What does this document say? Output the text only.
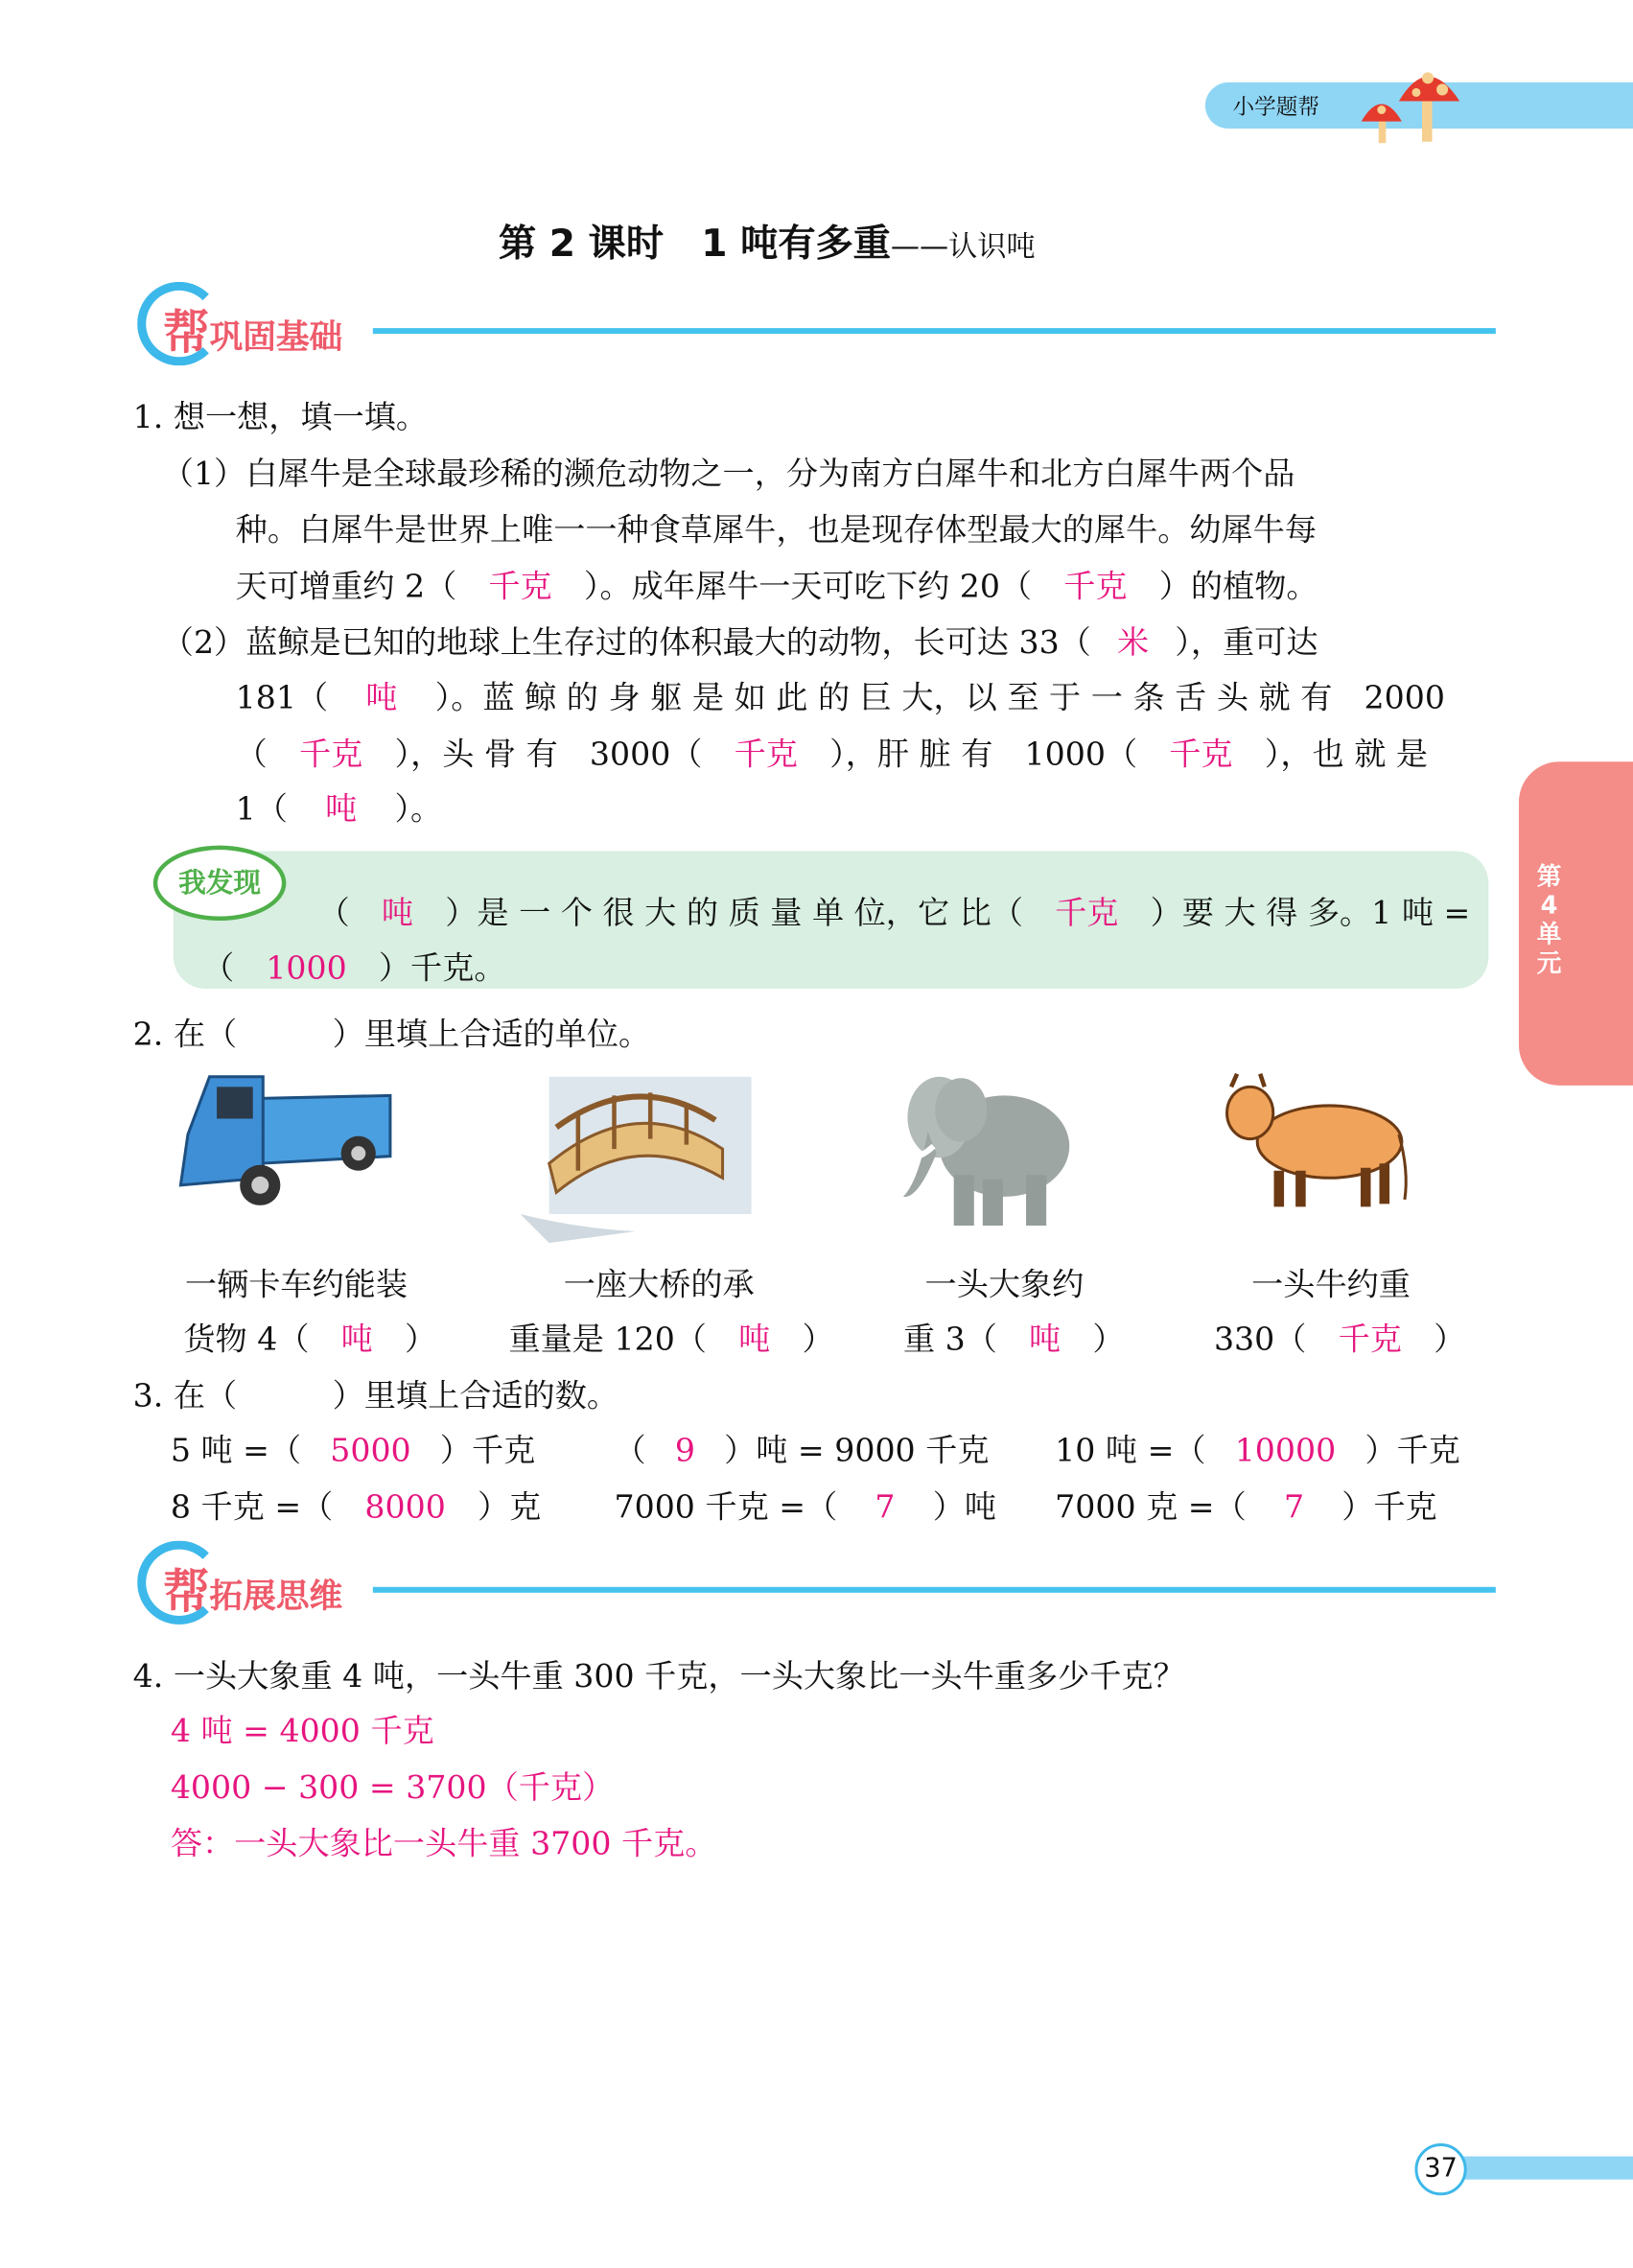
小学题帮
第 2 课时　1 吨有多重——认识吨
帮巩固基础
1. 想一想，填一填。
（1）白犀牛是全球最珍稀的濒危动物之一，分为南方白犀牛和北方白犀牛两个品
种。白犀牛是世界上唯一一种食草犀牛，也是现存体型最大的犀牛。幼犀牛每
天可增重约 2（ 千克 ）。成年犀牛一天可吃下约 20（ 千克 ）的植物。
（2）蓝鲸是已知的地球上生存过的体积最大的动物，长可达 33（ 米 ），重可达
181（ 吨 ）。蓝 鲸 的 身 躯 是 如 此 的 巨 大，以 至 于 一 条 舌 头 就 有　2000
（ 千克 ），头 骨 有　3000（ 千克 ），肝 脏 有　1000（ 千克 ），也 就 是
1（ 吨 ）。
我发现
（ 吨 ）是 一 个 很 大 的 质 量 单 位，它 比（ 千克 ）要 大 得 多。1 吨 =
（ 1000 ）千克。
2. 在（　　　）里填上合适的单位。
一辆卡车约能装
货物 4（ 吨 ）
一座大桥的承
重量是 120（ 吨 ）
一头大象约
重 3（ 吨 ）
一头牛约重
330（ 千克 ）
3. 在（　　　）里填上合适的数。
5 吨 =（ 5000 ）千克	（ 9 ）吨 = 9000 千克	10 吨 =（ 10000 ）千克
8 千克 =（ 8000 ）克	7000 千克 =（ 7 ）吨	7000 克 =（ 7 ）千克
帮拓展思维
4. 一头大象重 4 吨，一头牛重 300 千克，一头大象比一头牛重多少千克？
4 吨 = 4000 千克
4000 − 300 = 3700（千克）
答：一头大象比一头牛重 3700 千克。
第4单元
37
